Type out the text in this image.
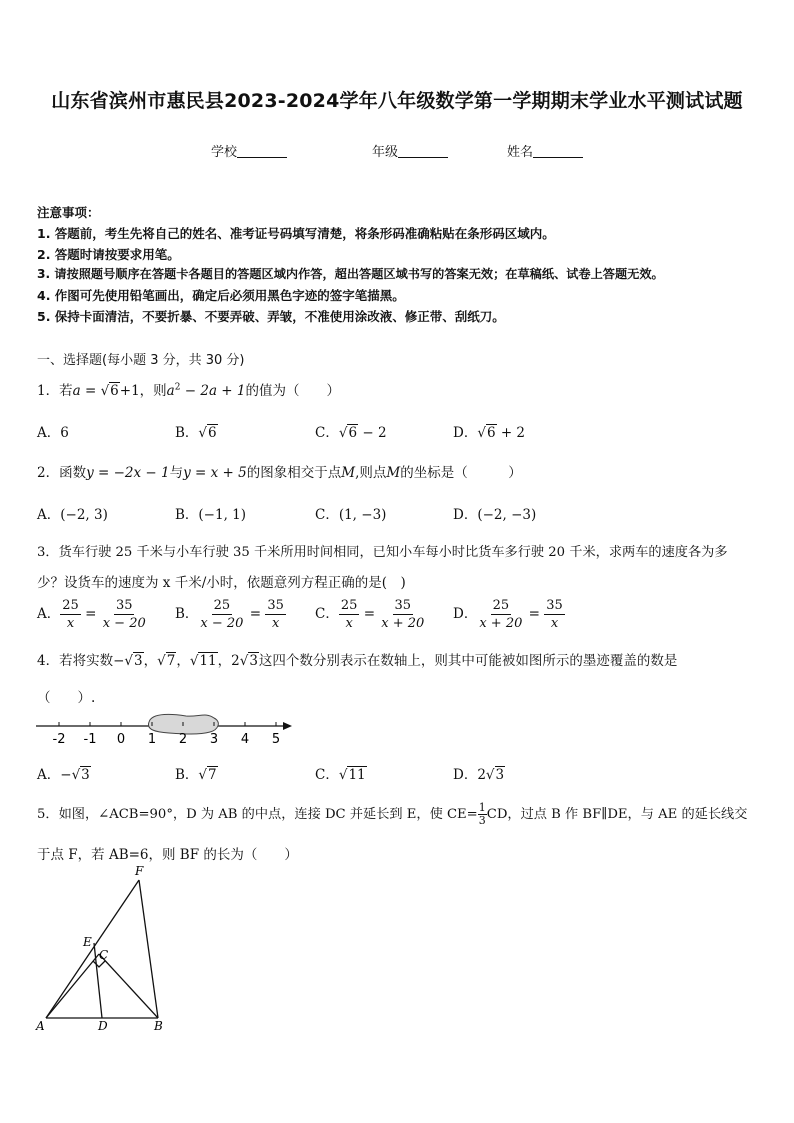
山东省滨州市惠民县2023-2024学年八年级数学第一学期期末学业水平测试试题
学校	年级	姓名
注意事项：
1. 答题前，考生先将自己的姓名、准考证号码填写清楚，将条形码准确粘贴在条形码区域内。
2. 答题时请按要求用笔。
3. 请按照题号顺序在答题卡各题目的答题区域内作答，超出答题区域书写的答案无效；在草稿纸、试卷上答题无效。
4. 作图可先使用铅笔画出，确定后必须用黑色字迹的签字笔描黑。
5. 保持卡面清洁，不要折暴、不要弄破、弄皱，不准使用涂改液、修正带、刮纸刀。
一、选择题(每小题 3 分，共 30 分)
1．若a = √6+1，则$a^2 - 2a + 1$的值为（　　）
A．6	B．√6	C．√6 − 2	D．√6 + 2
2．函数y = −2x − 1与y = x + 5的图象相交于点M,则点M的坐标是（　　　）
A．(−2, 3)	B．(−1, 1)	C．(1, −3)	D．(−2, −3)
3．货车行驶 25 千米与小车行驶 35 千米所用时间相同，已知小车每小时比货车多行驶 20 千米，求两车的速度各为多
少？设货车的速度为 x 千米/小时，依题意列方程正确的是(　)
A． $\frac{25}{x} = \frac{35}{x - 20}$ B． $\frac{25}{x - 20} = \frac{35}{x}$ C． $\frac{25}{x} = \frac{35}{x + 20}$ D． $\frac{25}{x + 20} = \frac{35}{x}$
4．若将实数−√3，√7，√11，2√3这四个数分别表示在数轴上，则其中可能被如图所示的墨迹覆盖的数是
（　　）.
-2 -1 0 1 2 3 4 5
A．−√3	B．√7	C．√11	D．2√3
5．如图，∠ACB=90°，D 为 AB 的中点，连接 DC 并延长到 E，使 $CE= \frac{1}{3}$ CD，过点 B 作 BF∥DE，与 AE 的延长线交
于点 F，若 AB=6，则 BF 的长为（　　）
F
E
C
A	D	B
